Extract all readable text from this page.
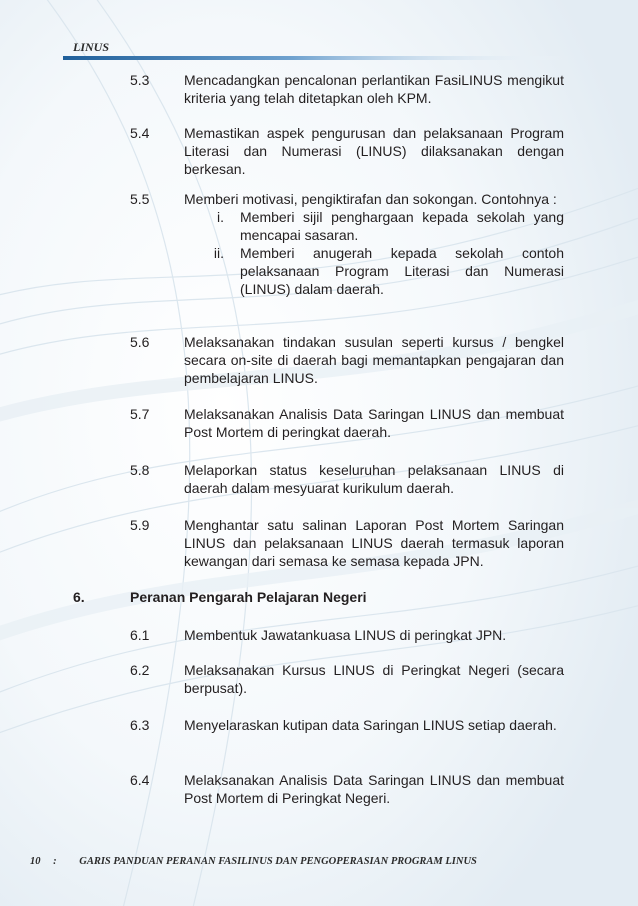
LINUS
5.3 Mencadangkan pencalonan perlantikan FasiLINUS mengikut kriteria yang telah ditetapkan oleh KPM.
5.4 Memastikan aspek pengurusan dan pelaksanaan Program Literasi dan Numerasi (LINUS) dilaksanakan dengan berkesan.
5.5 Memberi motivasi, pengiktirafan dan sokongan. Contohnya :
i. Memberi sijil penghargaan kepada sekolah yang mencapai sasaran.
ii. Memberi anugerah kepada sekolah contoh pelaksanaan Program Literasi dan Numerasi (LINUS) dalam daerah.
5.6 Melaksanakan tindakan susulan seperti kursus / bengkel secara on-site di daerah bagi memantapkan pengajaran dan pembelajaran LINUS.
5.7 Melaksanakan Analisis Data Saringan LINUS dan membuat Post Mortem di peringkat daerah.
5.8 Melaporkan status keseluruhan pelaksanaan LINUS di daerah dalam mesyuarat kurikulum daerah.
5.9 Menghantar satu salinan Laporan Post Mortem Saringan LINUS dan pelaksanaan LINUS daerah termasuk laporan kewangan dari semasa ke semasa kepada JPN.
6.	Peranan Pengarah Pelajaran Negeri
6.1 Membentuk Jawatankuasa LINUS di peringkat JPN.
6.2 Melaksanakan Kursus LINUS di Peringkat Negeri (secara berpusat).
6.3 Menyelaraskan kutipan data Saringan LINUS setiap daerah.
6.4 Melaksanakan Analisis Data Saringan LINUS dan membuat Post Mortem di Peringkat Negeri.
10 : GARIS PANDUAN PERANAN FASILINUS DAN PENGOPERASIAN PROGRAM LINUS
